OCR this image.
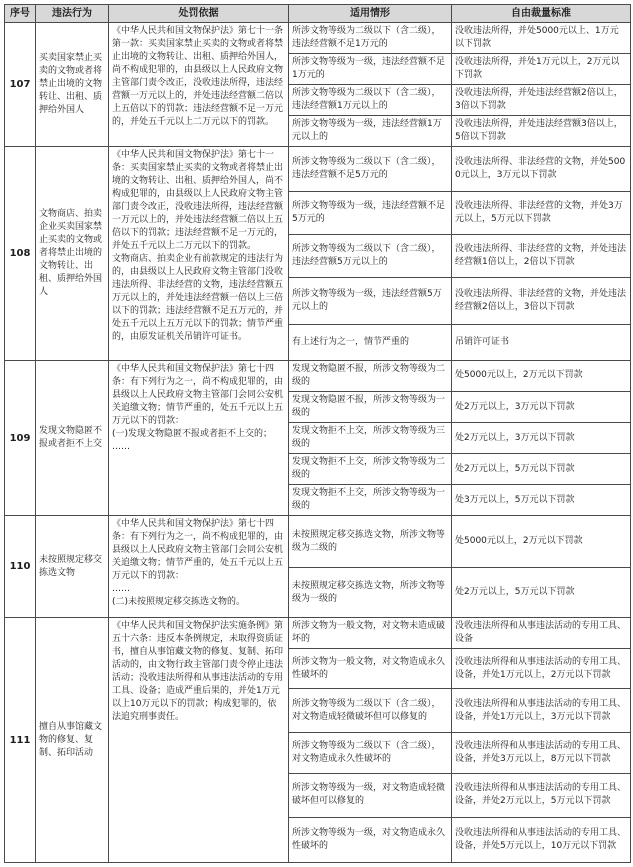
序号	违法行为	处罚依据	适用情形	自由裁量标准
107	买卖国家禁止买卖的文物或者将禁止出境的文物转让、出租、质押给外国人	《中华人民共和国文物保护法》第七十一条第一款：买卖国家禁止买卖的文物或者将禁止出境的文物转让、出租、质押给外国人，尚不构成犯罪的，由县级以上人民政府文物主管部门责令改正，没收违法所得，违法经营额一万元以上的，并处违法经营额二倍以上五倍以下的罚款；违法经营额不足一万元的，并处五千元以上二万元以下的罚款。	所涉文物等级为二级以下（含二级），违法经营额不足1万元的	没收违法所得，并处5000元以上、1万元以下罚款
			所涉文物等级为一级，违法经营额不足1万元的	没收违法所得，并处1万元以上，2万元以下罚款
			所涉文物等级为二级以下（含二级），违法经营额1万元以上的	没收违法所得，并处违法经营额2倍以上，3倍以下罚款
			所涉文物等级为一级，违法经营额1万元以上的	没收违法所得，并处违法经营额3倍以上，5倍以下罚款
108	文物商店、拍卖企业买卖国家禁止买卖的文物或者将禁止出境的文物转让、出租、质押给外国人	《中华人民共和国文物保护法》第七十一条：买卖国家禁止买卖的文物或者将禁止出境的文物转让、出租、质押给外国人，尚不构成犯罪的，由县级以上人民政府文物主管部门责令改正，没收违法所得，违法经营额一万元以上的，并处违法经营额二倍以上五倍以下的罚款；违法经营额不足一万元的，并处五千元以上二万元以下的罚款。
文物商店、拍卖企业有前款规定的违法行为的，由县级以上人民政府文物主管部门没收违法所得、非法经营的文物，违法经营额五万元以上的，并处违法经营额一倍以上三倍以下的罚款；违法经营额不足五万元的，并处五千元以上五万元以下的罚款；情节严重的，由原发证机关吊销许可证书。	所涉文物等级为二级以下（含二级），违法经营额不足5万元的	没收违法所得、非法经营的文物，并处5000元以上，3万元以下罚款
			所涉文物等级为一级，违法经营额不足5万元的	没收违法所得、非法经营的文物，并处3万元以上，5万元以下罚款
			所涉文物等级为二级以下（含二级），违法经营额5万元以上的	没收违法所得、非法经营的文物，并处违法经营额1倍以上，2倍以下罚款
			所涉文物等级为一级，违法经营额5万元以上的	没收违法所得、非法经营的文物，并处违法经营额2倍以上，3倍以下罚款
			有上述行为之一，情节严重的	吊销许可证书
109	发现文物隐匿不报或者拒不上交	《中华人民共和国文物保护法》第七十四条：有下列行为之一，尚不构成犯罪的，由县级以上人民政府文物主管部门会同公安机关追缴文物；情节严重的，处五千元以上五万元以下的罚款：
(一)发现文物隐匿不报或者拒不上交的；
……	发现文物隐匿不报，所涉文物等级为二级的	处5000元以上，2万元以下罚款
			发现文物隐匿不报，所涉文物等级为一级的	处2万元以上，3万元以下罚款
			发现文物拒不上交，所涉文物等级为三级的	处2万元以上，3万元以下罚款
			发现文物拒不上交，所涉文物等级为二级的	处2万元以上，5万元以下罚款
			发现文物拒不上交，所涉文物等级为一级的	处3万元以上，5万元以下罚款
110	未按照规定移交拣选文物	《中华人民共和国文物保护法》第七十四条：有下列行为之一，尚不构成犯罪的，由县级以上人民政府文物主管部门会同公安机关追缴文物；情节严重的，处五千元以上五万元以下的罚款：
……
(二)未按照规定移交拣选文物的。	未按照规定移交拣选文物，所涉文物等级为二级的	处5000元以上，2万元以下罚款
			未按照规定移交拣选文物，所涉文物等级为一级的	处2万元以上，5万元以下罚款
111	擅自从事馆藏文物的修复、复制、拓印活动	《中华人民共和国文物保护法实施条例》第五十六条：违反本条例规定，未取得资质证书，擅自从事馆藏文物的修复、复制、拓印活动的，由文物行政主管部门责令停止违法活动；没收违法所得和从事违法活动的专用工具、设备；造成严重后果的，并处1万元以上10万元以下的罚款；构成犯罪的，依法追究刑事责任。	所涉文物为一般文物，对文物未造成破坏的	没收违法所得和从事违法活动的专用工具、设备
			所涉文物为一般文物，对文物造成永久性破坏的	没收违法所得和从事违法活动的专用工具、设备，并处1万元以上，2万元以下罚款
			所涉文物等级为二级以下（含二级），对文物造成轻微破坏但可以修复的	没收违法所得和从事违法活动的专用工具、设备，并处1万元以上，3万元以下罚款
			所涉文物等级为二级以下（含二级），对文物造成永久性破坏的	没收违法所得和从事违法活动的专用工具、设备，并处3万元以上，8万元以下罚款
			所涉文物等级为一级，对文物造成轻微破坏但可以修复的	没收违法所得和从事违法活动的专用工具、设备，并处2万元以上，5万元以下罚款
			所涉文物等级为一级，对文物造成永久性破坏的	没收违法所得和从事违法活动的专用工具、设备，并处5万元以上，10万元以下罚款
